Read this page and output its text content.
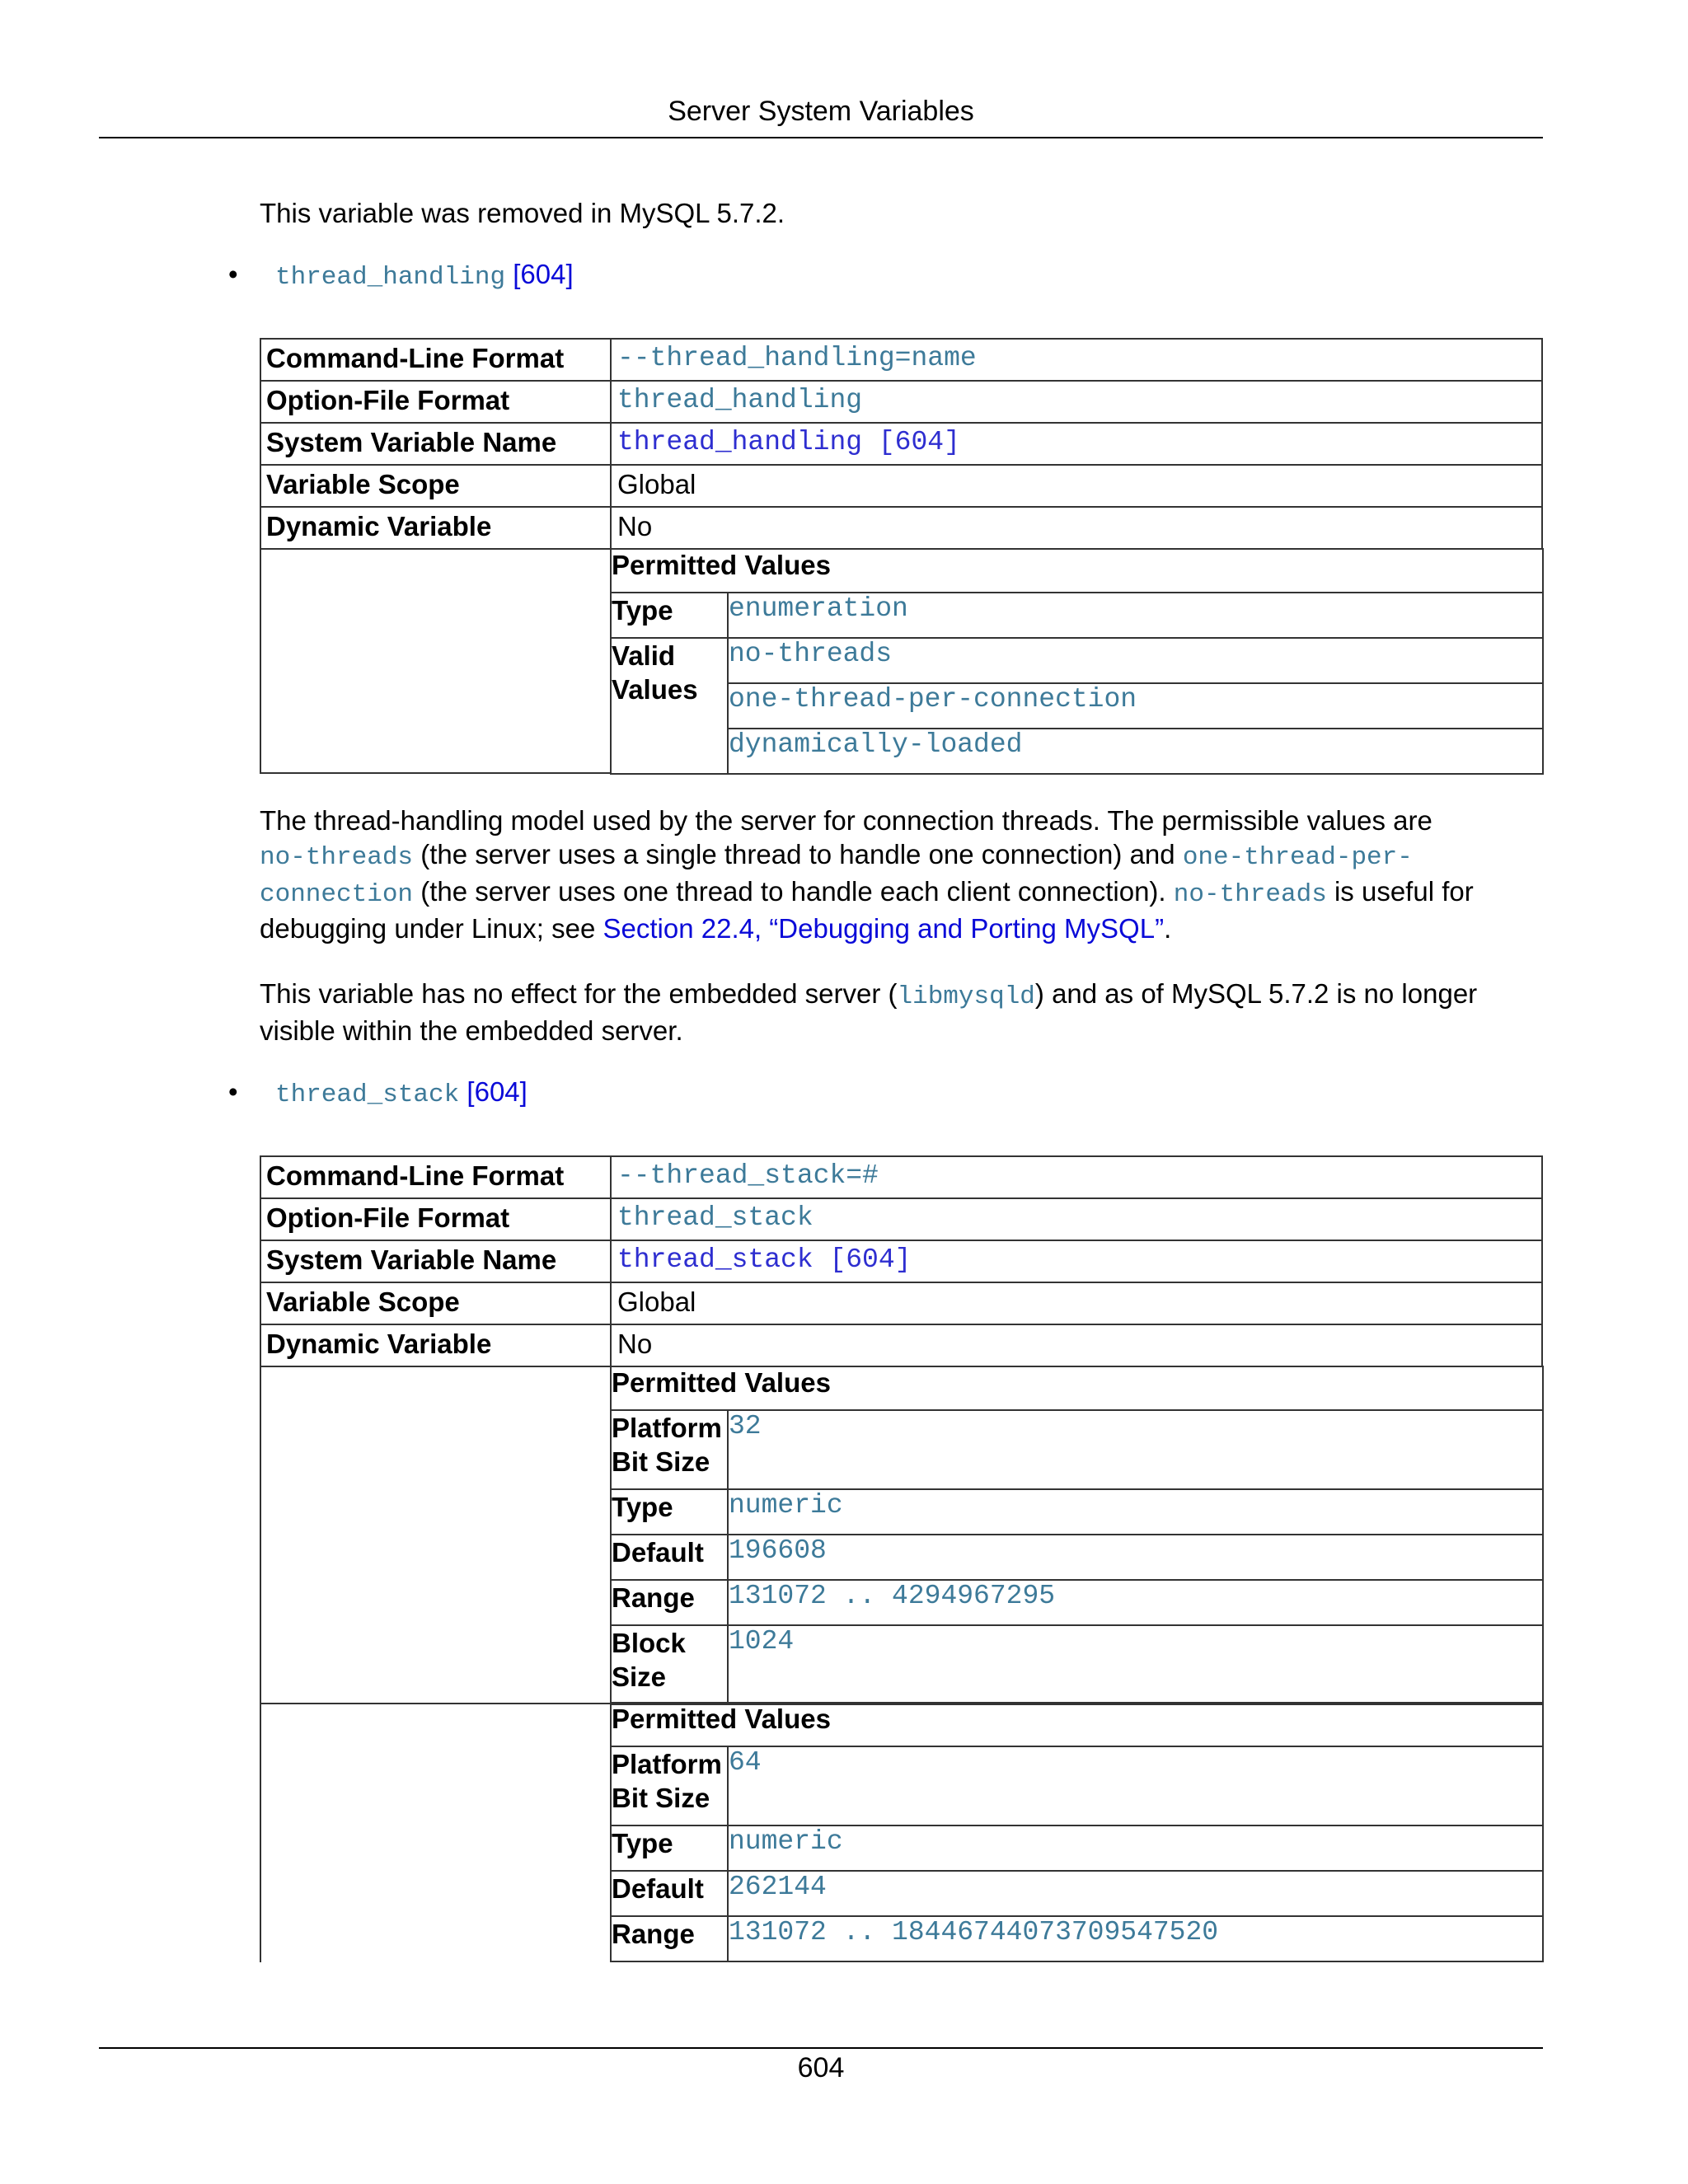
Server System Variables

This variable was removed in MySQL 5.7.2.

• thread_handling [604]
Command-Line Format	--thread_handling=name
Option-File Format	thread_handling
System Variable Name	thread_handling [604]
Variable Scope	Global
Dynamic Variable	No

Permitted Values
Type	enumeration
Valid Values	no-threads
one-thread-per-connection
dynamically-loaded

The thread-handling model used by the server for connection threads. The permissible values are
no-threads (the server uses a single thread to handle one connection) and one-thread-per-
connection (the server uses one thread to handle each client connection). no-threads is useful for
debugging under Linux; see Section 22.4, “Debugging and Porting MySQL”.

This variable has no effect for the embedded server (libmysqld) and as of MySQL 5.7.2 is no longer
visible within the embedded server.

• thread_stack [604]
Command-Line Format	--thread_stack=#
Option-File Format	thread_stack
System Variable Name	thread_stack [604]
Variable Scope	Global
Dynamic Variable	No

Permitted Values
Platform
Bit Size	32
Type	numeric
Default	196608
Range	131072 .. 4294967295
Block
Size	1024

Permitted Values
Platform
Bit Size	64
Type	numeric
Default	262144
Range	131072 .. 18446744073709547520
604
